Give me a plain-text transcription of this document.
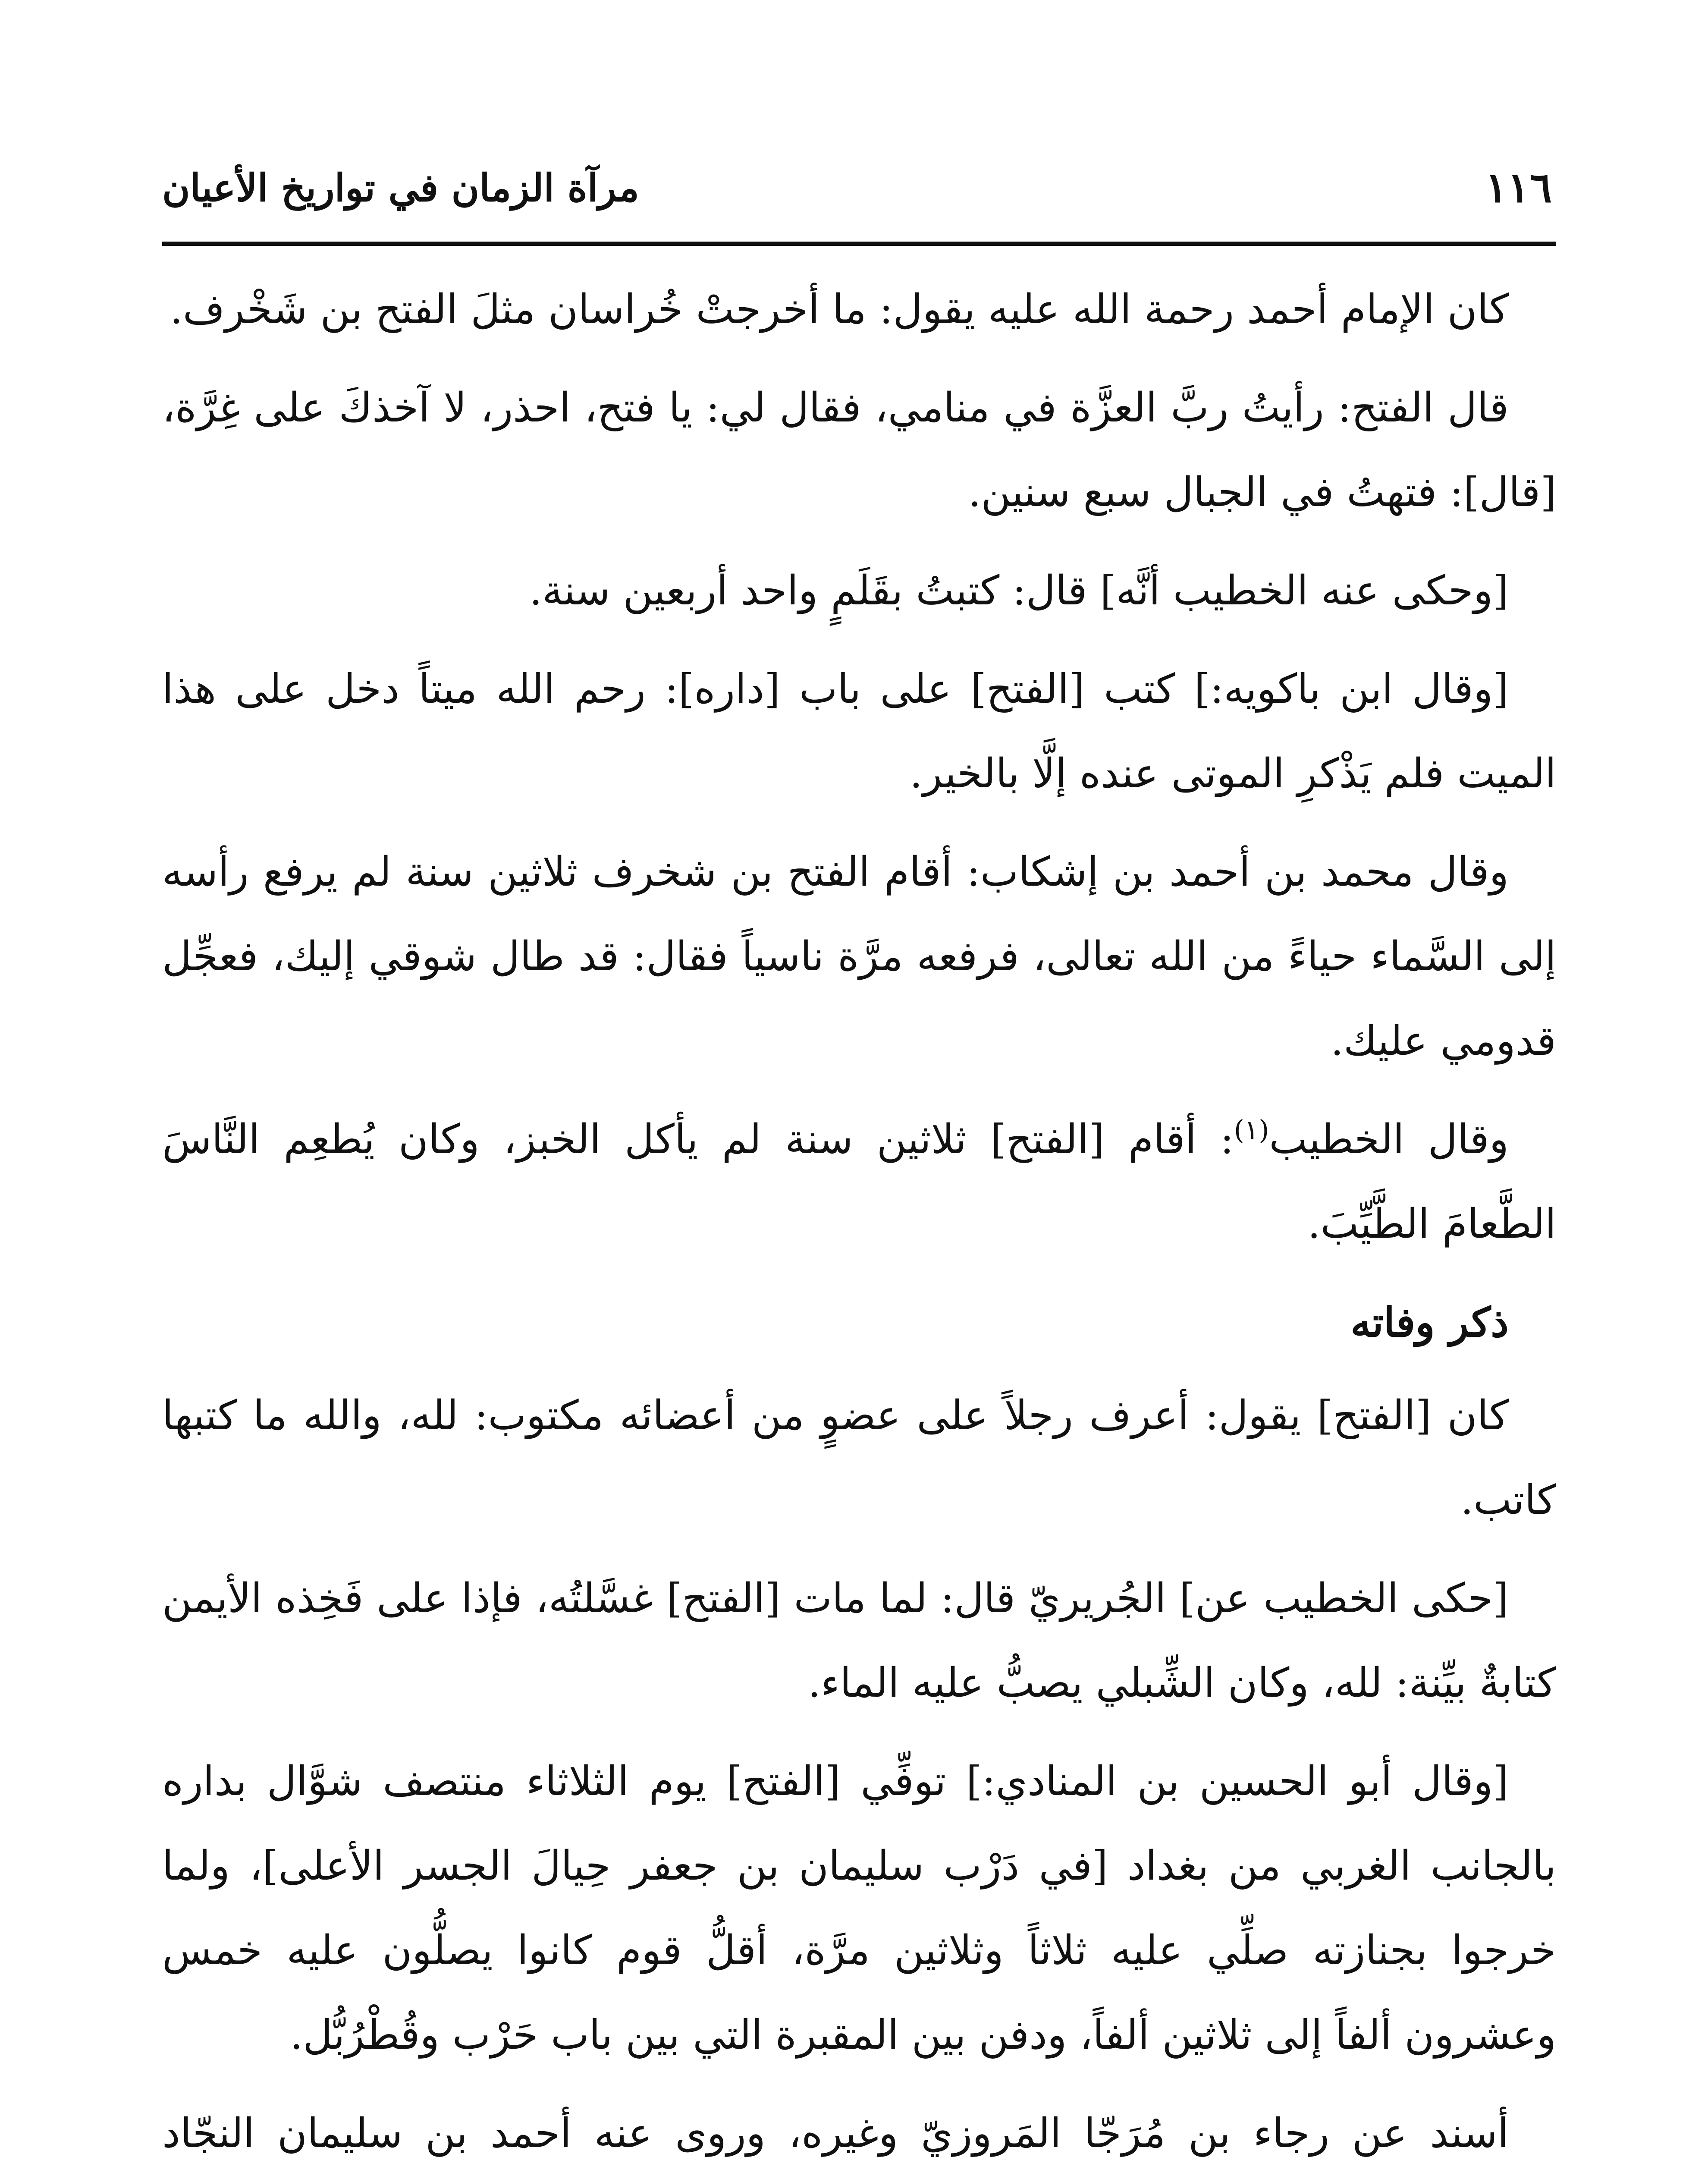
١١٦
مرآة الزمان في تواريخ الأعيان

كان الإمام أحمد رحمة الله عليه يقول: ما أخرجتْ خُراسان مثلَ الفتح بن شَخْرف.

قال الفتح: رأيتُ ربَّ العزَّة في منامي، فقال لي: يا فتح، احذر، لا آخذكَ على غِرَّة، [قال]: فتهتُ في الجبال سبع سنين.

[وحكى عنه الخطيب أنَّه] قال: كتبتُ بقَلَمٍ واحد أربعين سنة.

[وقال ابن باكويه:] كتب [الفتح] على باب [داره]: رحم الله ميتاً دخل على هذا الميت فلم يَذْكرِ الموتى عنده إلَّا بالخير.

وقال محمد بن أحمد بن إشكاب: أقام الفتح بن شخرف ثلاثين سنة لم يرفع رأسه إلى السَّماء حياءً من الله تعالى، فرفعه مرَّة ناسياً فقال: قد طال شوقي إليك، فعجِّل قدومي عليك.

وقال الخطيب$^{(١)}$: أقام [الفتح] ثلاثين سنة لم يأكل الخبز، وكان يُطعِم النَّاسَ الطَّعامَ الطَّيِّبَ.

ذكر وفاته

كان [الفتح] يقول: أعرف رجلاً على عضوٍ من أعضائه مكتوب: لله، والله ما كتبها كاتب.

[حكى الخطيب عن] الجُريريّ قال: لما مات [الفتح] غسَّلتُه، فإذا على فَخِذه الأيمن كتابةٌ بيِّنة: لله، وكان الشِّبلي يصبُّ عليه الماء.

[وقال أبو الحسين بن المنادي:] توفِّي [الفتح] يوم الثلاثاء منتصف شوَّال بداره بالجانب الغربي من بغداد [في دَرْب سليمان بن جعفر حِيالَ الجسر الأعلى]، ولما خرجوا بجنازته صلِّي عليه ثلاثاً وثلاثين مرَّة، أقلُّ قوم كانوا يصلُّون عليه خمس وعشرون ألفاً إلى ثلاثين ألفاً، ودفن بين المقبرة التي بين باب حَرْب وقُطْرُبُّل.

أسند عن رجاء بن مُرَجّا المَروزيّ وغيره، وروى عنه أحمد بن سليمان النجّاد
